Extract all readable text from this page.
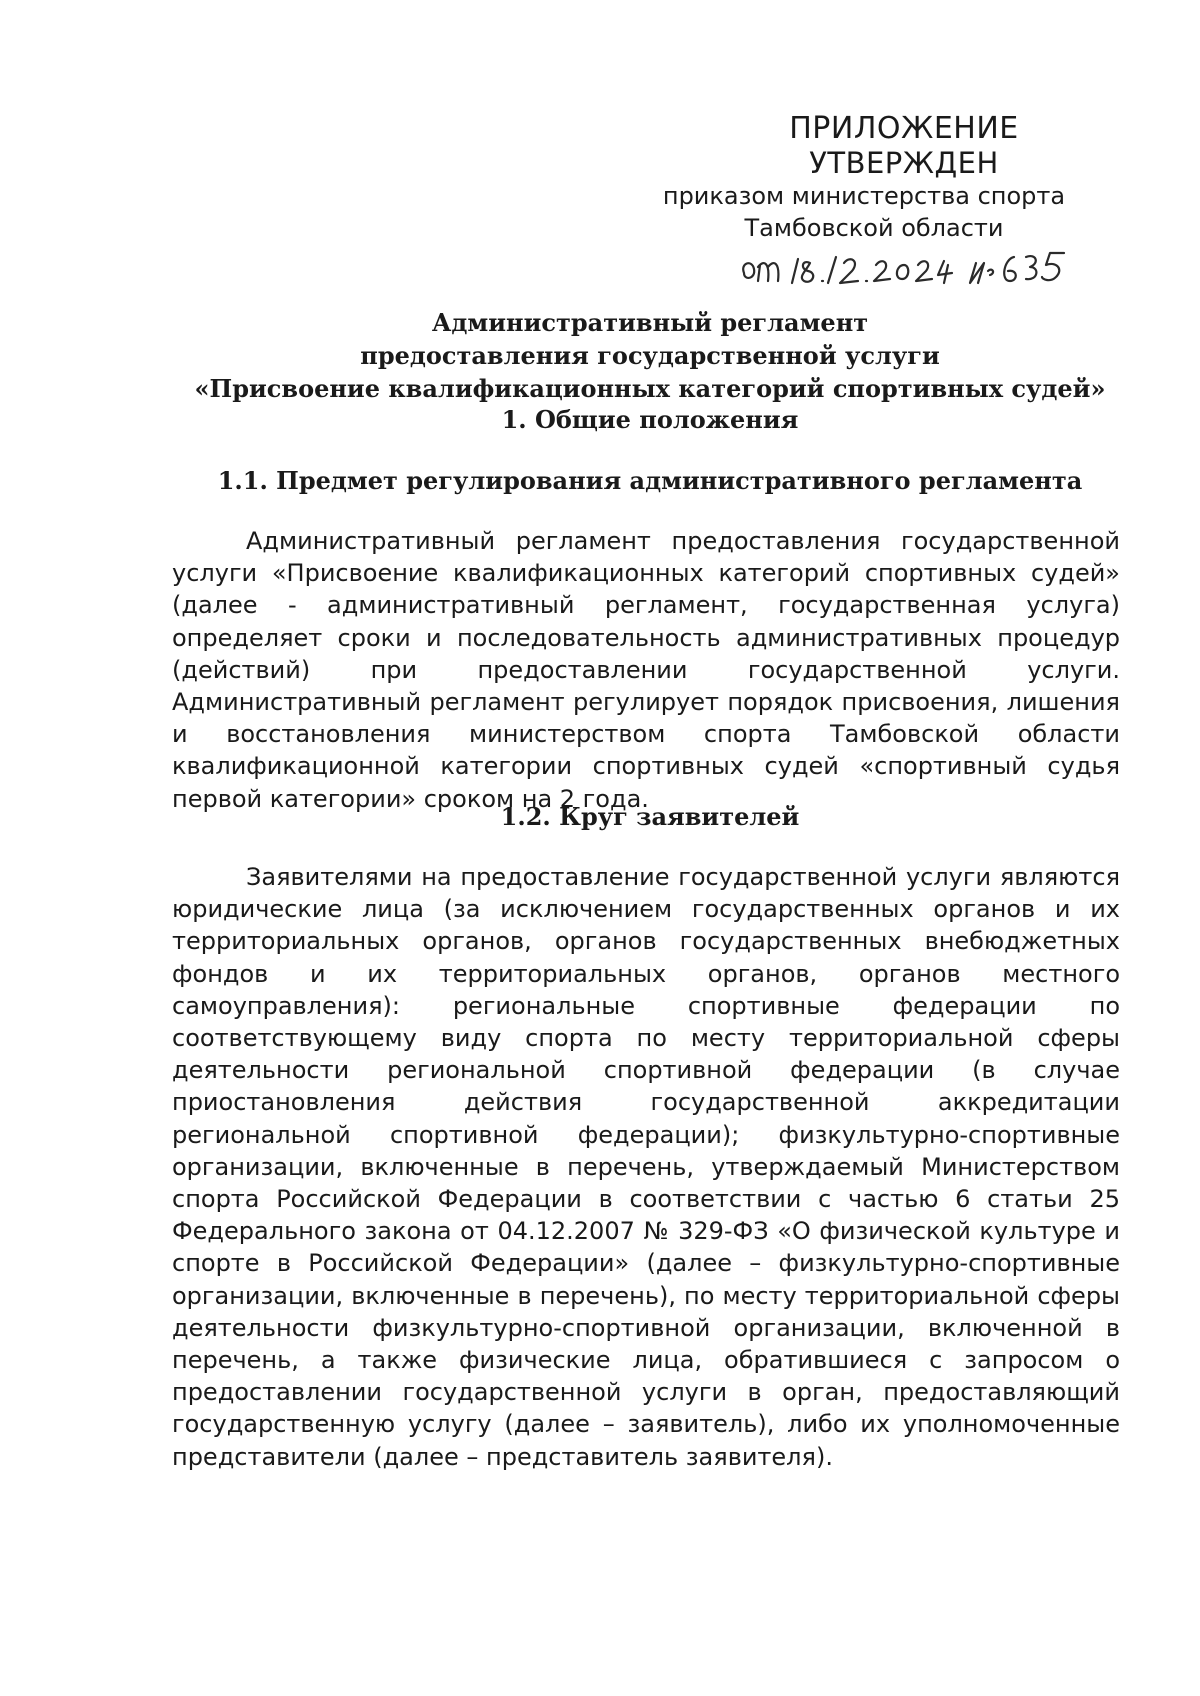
ПРИЛОЖЕНИЕ
УТВЕРЖДЕН
приказом министерства спорта
Тамбовской области
Административный регламент
предоставления государственной услуги
«Присвоение квалификационных категорий спортивных судей»
1. Общие положения
1.1. Предмет регулирования административного регламента
Административный регламент предоставления государственной услуги «Присвоение квалификационных категорий спортивных судей» (далее - административный регламент, государственная услуга) определяет сроки и последовательность административных процедур (действий) при предоставлении государственной услуги. Административный регламент регулирует порядок присвоения, лишения и восстановления министерством спорта Тамбовской области квалификационной категории спортивных судей «спортивный судья первой категории» сроком на 2 года.
1.2. Круг заявителей
Заявителями на предоставление государственной услуги являются юридические лица (за исключением государственных органов и их территориальных органов, органов государственных внебюджетных фондов и их территориальных органов, органов местного самоуправления): региональные спортивные федерации по соответствующему виду спорта по месту территориальной сферы деятельности региональной спортивной федерации (в случае приостановления действия государственной аккредитации региональной спортивной федерации); физкультурно-спортивные организации, включенные в перечень, утверждаемый Министерством спорта Российской Федерации в соответствии с частью 6 статьи 25 Федерального закона от 04.12.2007 № 329-ФЗ «О физической культуре и спорте в Российской Федерации» (далее – физкультурно-спортивные организации, включенные в перечень), по месту территориальной сферы деятельности физкультурно-спортивной организации, включенной в перечень, а также физические лица, обратившиеся с запросом о предоставлении государственной услуги в орган, предоставляющий государственную услугу (далее – заявитель), либо их уполномоченные представители (далее – представитель заявителя).
